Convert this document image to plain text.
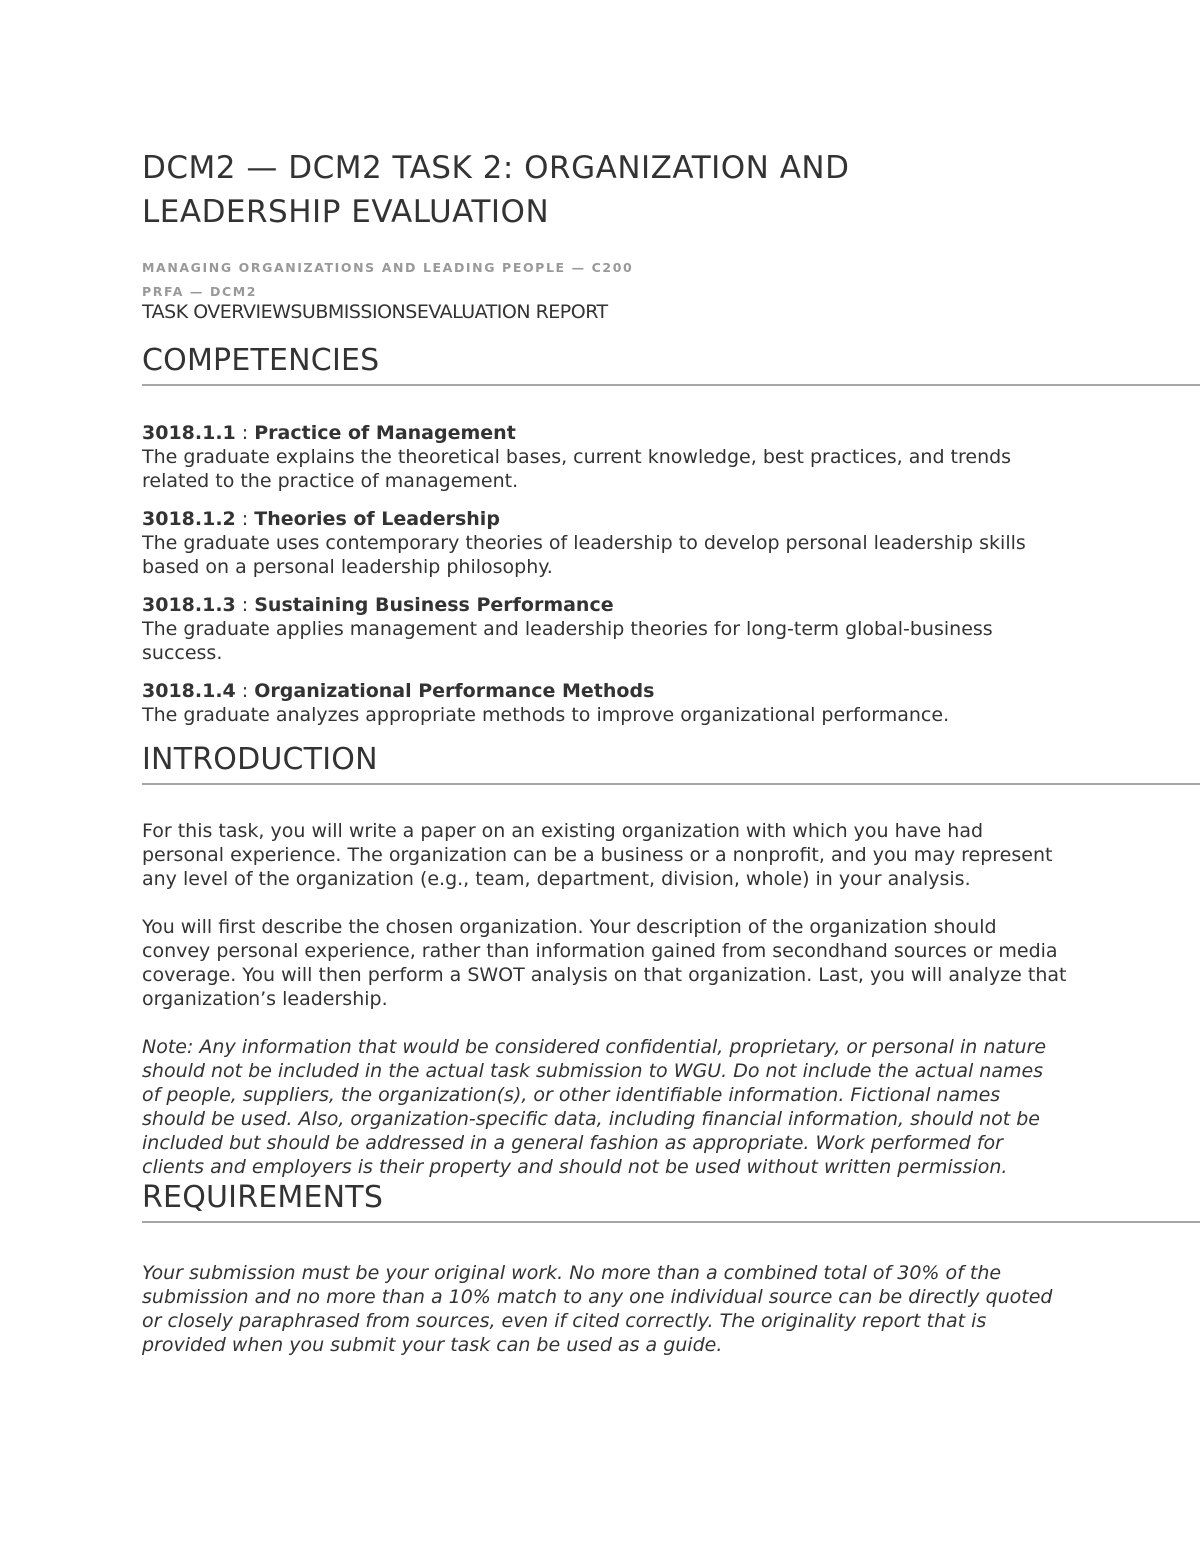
DCM2 — DCM2 TASK 2: ORGANIZATION AND LEADERSHIP EVALUATION

MANAGING ORGANIZATIONS AND LEADING PEOPLE — C200

PRFA — DCM2

TASK OVERVIEWSUBMISSIONSEVALUATION REPORT
COMPETENCIES

3018.1.1 : Practice of Management

The graduate explains the theoretical bases, current knowledge, best practices, and trends related to the practice of management.

3018.1.2 : Theories of Leadership

The graduate uses contemporary theories of leadership to develop personal leadership skills based on a personal leadership philosophy.

3018.1.3 : Sustaining Business Performance

The graduate applies management and leadership theories for long-term global-business success.

3018.1.4 : Organizational Performance Methods

The graduate analyzes appropriate methods to improve organizational performance.

INTRODUCTION

For this task, you will write a paper on an existing organization with which you have had personal experience. The organization can be a business or a nonprofit, and you may represent any level of the organization (e.g., team, department, division, whole) in your analysis.

You will first describe the chosen organization. Your description of the organization should convey personal experience, rather than information gained from secondhand sources or media coverage. You will then perform a SWOT analysis on that organization. Last, you will analyze that organization’s leadership.

Note: Any information that would be considered confidential, proprietary, or personal in nature should not be included in the actual task submission to WGU. Do not include the actual names of people, suppliers, the organization(s), or other identifiable information. Fictional names should be used. Also, organization-specific data, including financial information, should not be included but should be addressed in a general fashion as appropriate. Work performed for clients and employers is their property and should not be used without written permission.

REQUIREMENTS

Your submission must be your original work. No more than a combined total of 30% of the submission and no more than a 10% match to any one individual source can be directly quoted or closely paraphrased from sources, even if cited correctly. The originality report that is provided when you submit your task can be used as a guide.
